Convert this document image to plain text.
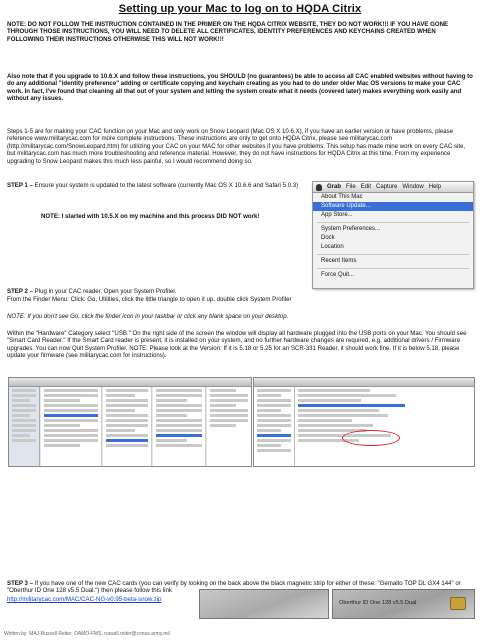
Setting up your Mac to log on to HQDA Citrix
NOTE: DO NOT FOLLOW THE INSTRUCTION CONTAINED IN THE PRIMER ON THE HQDA CITRIX WEBSITE, THEY DO NOT WORK!!! IF YOU HAVE GONE THROUGH THOSE INSTRUCTIONS, YOU WILL NEED TO DELETE ALL CERTIFICATES, IDENTITY PREFERENCES AND KEYCHAINS CREATED WHEN FOLLOWING THEIR INSTRUCTIONS OTHERWISE THIS WILL NOT WORK!!!
Also note that if you upgrade to 10.6.X and follow these instructions, you SHOULD (no guarantees) be able to access all CAC enabled websites without having to do any additional "identity preference" adding or certificate copying and keychain creating as you had to do under older Mac OS versions to make your CAC work. In fact, I've found that cleaning all that out of your system and letting the system create what it needs (covered later) makes everything work easily and without any issues.
Steps 1-5 are for making your CAC function on your Mac and only work on Snow Leopard (Mac OS X 10.6.X), if you have an earlier version or have problems, please reference www.militarycac.com for more complete instructions. These instructions are only to get onto HQDA Citrix, please see militarycac.com (http://militarycac.com/SnowLeopard.htm) for utilizing your CAC on your MAC for other websites if you have problems. This setup has made mine work on every CAC site, but militarycac.com has much more troubleshooting and reference material. However, they do not have instructions for HQDA Citrix at this time. From my experience upgrading to Snow Leopard makes this much less painful, so I would recommend doing so.
STEP 1 – Ensure your system is updated to the latest software (currently Mac OS X 10.6.6 and Safari 5.0.3)
NOTE: I started with 10.5.X on my machine and this process DID NOT work!
Grab File Edit Capture Window Help
About This Mac
Software Update...
App Store...
System Preferences...
Dock
Location
Recent Items
Force Quit...
STEP 2 – Plug in your CAC reader. Open your System Profiler.
From the Finder Menu: Click: Go, Utilities, click the little triangle to open it up, double click System Profiler
NOTE: If you don't see Go, click the finder icon in your taskbar or click any blank space on your desktop.
Within the "Hardware" Category select "USB." On the right side of the screen the window will display all hardware plugged into the USB ports on your Mac. You should see "Smart Card Reader." If the Smart Card reader is present, it is installed on your system, and no further hardware changes are required, e.g. additional drivers / Firmware upgrades. You can now Quit System Profiler. NOTE: Please look at the Version: If it is 5.18 or 5.25 for an SCR-331 Reader, it should work fine. If it is below 5.18, please update your firmware (see militarycac.com for instructions).
STEP 3 – If you have one of the new CAC cards (you can verify by looking on the back above the black magnetic strip for either of these: "Gemalto TOP DL GX4 144" or "Oberthur ID One 128 v5.5 Dual.") then please follow this link
http://militarycac.com/MAC/CAC-NG-v0.95-beta-snow.zip	Oberthur ID One 128 v5.5 Dual
Written by: MAJ Russell Reiter, DAMO-FMS, russell.reiter@conus.army.mil
